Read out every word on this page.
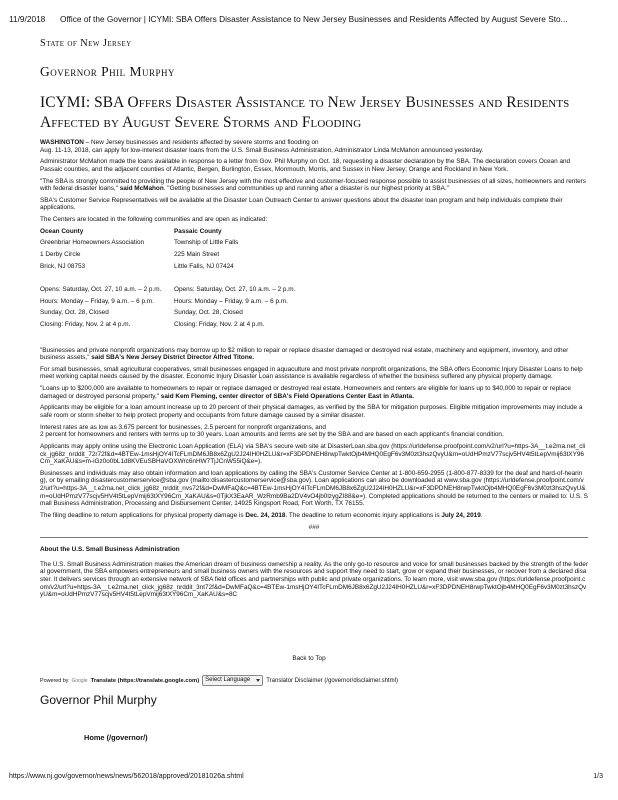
11/9/2018 Office of the Governor | ICYMI: SBA Offers Disaster Assistance to New Jersey Businesses and Residents Affected by August Severe Sto...
State of New Jersey
Governor Phil Murphy
ICYMI: SBA Offers Disaster Assistance to New Jersey Businesses and Residents Affected by August Severe Storms and Flooding

WASHINGTON – New Jersey businesses and residents affected by severe storms and flooding on
Aug. 11-13, 2018, can apply for low-interest disaster loans from the U.S. Small Business Administration, Administrator Linda McMahon announced yesterday.

Administrator McMahon made the loans available in response to a letter from Gov. Phil Murphy on Oct. 18, requesting a disaster declaration by the SBA. The declaration covers Ocean and Passaic counties, and the adjacent counties of Atlantic, Bergen, Burlington, Essex, Monmouth, Morris, and Sussex in New Jersey; Orange and Rockland in New York.

"The SBA is strongly committed to providing the people of New Jersey with the most effective and customer-focused response possible to assist businesses of all sizes, homeowners and renters with federal disaster loans," said McMahon. "Getting businesses and communities up and running after a disaster is our highest priority at SBA."

SBA's Customer Service Representatives will be available at the Disaster Loan Outreach Center to answer questions about the disaster loan program and help individuals complete their applications.

The Centers are located in the following communities and are open as indicated:

Ocean County	Passaic County
Greenbriar Homeowners Association	Township of Little Falls
1 Derby Circle	225 Main Street
Brick, NJ 08753	Little Falls, NJ 07424
Opens: Saturday, Oct. 27, 10 a.m. – 2 p.m.	Opens: Saturday, Oct. 27, 10 a.m. – 2 p.m.
Hours: Monday – Friday, 9 a.m. – 6 p.m.	Hours: Monday – Friday, 9 a.m. – 6 p.m.
Sunday, Oct. 28, Closed	Sunday, Oct. 28, Closed
Closing: Friday, Nov. 2 at 4 p.m.	Closing: Friday, Nov. 2 at 4 p.m.

"Businesses and private nonprofit organizations may borrow up to $2 million to repair or replace disaster damaged or destroyed real estate, machinery and equipment, inventory, and other business assets," said SBA's New Jersey District Director Alfred Titone.

For small businesses, small agricultural cooperatives, small businesses engaged in aquaculture and most private nonprofit organizations, the SBA offers Economic Injury Disaster Loans to help meet working capital needs caused by the disaster. Economic Injury Disaster Loan assistance is available regardless of whether the business suffered any physical property damage.

"Loans up to $200,000 are available to homeowners to repair or replace damaged or destroyed real estate. Homeowners and renters are eligible for loans up to $40,000 to repair or replace damaged or destroyed personal property," said Kem Fleming, center director of SBA's Field Operations Center East in Atlanta.

Applicants may be eligible for a loan amount increase up to 20 percent of their physical damages, as verified by the SBA for mitigation purposes. Eligible mitigation improvements may include a safe room or storm shelter to help protect property and occupants from future damage caused by a similar disaster.

Interest rates are as low as 3.675 percent for businesses, 2.5 percent for nonprofit organizations, and
2 percent for homeowners and renters with terms up to 30 years. Loan amounts and terms are set by the SBA and are based on each applicant's financial condition.

Applicants may apply online using the Electronic Loan Application (ELA) via SBA's secure web site at DisasterLoan.sba.gov (https://urldefense.proofpoint.com/v2/url?u=https-3A__t.e2ma.net_click_jg68z_nrddit_72r72f&d=4BTEw-1msHjOY4ITcFLmDM6JB8x6ZgU2J24IH0HZLU&r=xF3DPDNEH8rwpTwktOjb4MHQ0EgF6v3M0zt3hszQvyU&m=oUdHPmzV77scjv5HV4t5tLepVmij63tXY96Cm_XaKAU&s=m-iGz0o0bL1d8KVEuSBHaVOXWrc6nHW7TjJCnW55iQ&e=).

Businesses and individuals may also obtain information and loan applications by calling the SBA's Customer Service Center at 1-800-659-2955 (1-800-877-8339 for the deaf and hard-of-hearing), or by emailing disastercustomerservice@sba.gov (mailto:disastercustomerservice@sba.gov). Loan applications can also be downloaded at www.sba.gov (https://urldefense.proofpoint.com/v2/url?u=https-3A__t.e2ma.net_click_jg68z_nrddit_nvs72f&d=DwMFaQ&c=4BTEw-1msHjOY4ITcFLmDM6JB8x6ZgU2J24IH0HZLU&r=xF3DPDNEH8rwpTwktOjb4MHQ0EgF6v3M0zt3hszQvyU&m=oUdHPmzV77scjv5HV4t5tLepVmij63tXY96Cm_XaKAU&s=0TjkX3EaAR_WzRmb9Ba2DV4vO4jb0lzygZI88&e=). Completed applications should be returned to the centers or mailed to: U.S. Small Business Administration, Processing and Disbursement Center, 14925 Kingsport Road, Fort Worth, TX 76155.

The filing deadline to return applications for physical property damage is Dec. 24, 2018. The deadline to return economic injury applications is July 24, 2019.

###

About the U.S. Small Business Administration

The U.S. Small Business Administration makes the American dream of business ownership a reality. As the only go-to resource and voice for small businesses backed by the strength of the federal government, the SBA empowers entrepreneurs and small business owners with the resources and support they need to start, grow or expand their businesses, or recover from a declared disaster. It delivers services through an extensive network of SBA field offices and partnerships with public and private organizations. To learn more, visit www.sba.gov (https://urldefense.proofpoint.com/v2/url?u=https-3A__t.e2ma.net_click_jg68z_nrddit_3nt72f&d=DwMFaQ&c=4BTEw-1msHjOY4ITcFLmDM6JB8x6ZgU2J24IH0HZLU&r=xF3DPDNEH8rwpTwktOjb4MHQ0EgF6v3M0zt3hszQvyU&m=oUdHPmzV77scjv5HV4t5tLepVmij63tXY96Cm_XaKAU&s=8C

Back to Top
Powered by Google Translate (https://translate.google.com) Select Language	Translator Disclaimer (/governor/disclaimer.shtml)
Governor Phil Murphy
Home (/governor/)
https://www.nj.gov/governor/news/news/562018/approved/20181026a.shtml	1/3
